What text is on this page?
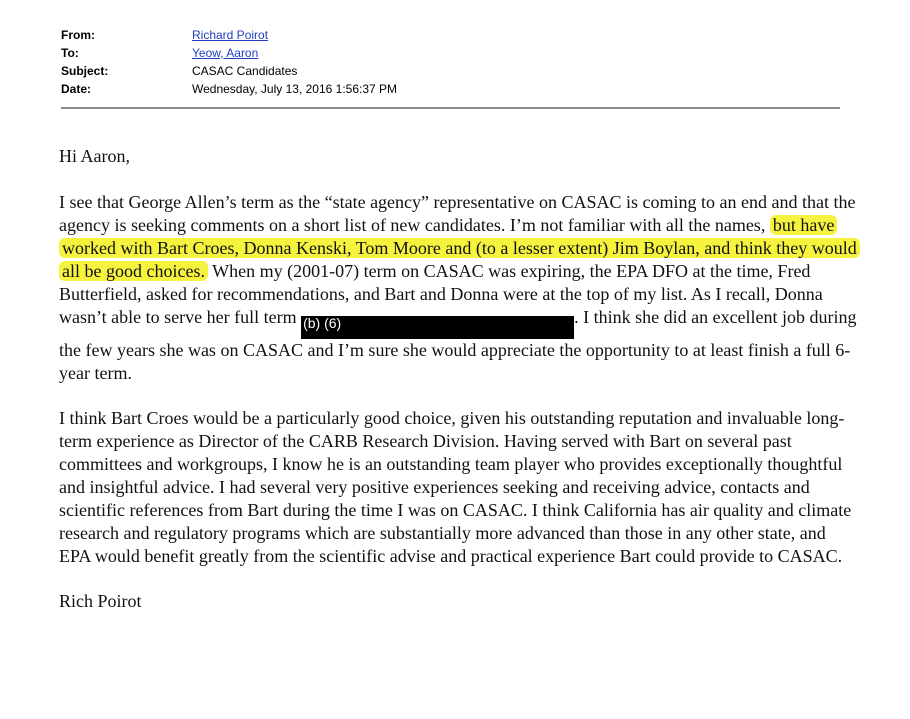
From:	Richard Poirot
To:	Yeow, Aaron
Subject:	CASAC Candidates
Date:	Wednesday, July 13, 2016 1:56:37 PM

Hi Aaron,

I see that George Allen’s term as the “state agency” representative on CASAC is coming to an end and that the agency is seeking comments on a short list of new candidates. I’m not familiar with all the names, but have worked with Bart Croes, Donna Kenski, Tom Moore and (to a lesser extent) Jim Boylan, and think they would all be good choices. When my (2001-07) term on CASAC was expiring, the EPA DFO at the time, Fred Butterfield, asked for recommendations, and Bart and Donna were at the top of my list. As I recall, Donna wasn’t able to serve her full term (b) (6)	. I think she did an excellent job during the few years she was on CASAC and I’m sure she would appreciate the opportunity to at least finish a full 6-year term.

I think Bart Croes would be a particularly good choice, given his outstanding reputation and invaluable long-term experience as Director of the CARB Research Division. Having served with Bart on several past committees and workgroups, I know he is an outstanding team player who provides exceptionally thoughtful and insightful advice. I had several very positive experiences seeking and receiving advice, contacts and scientific references from Bart during the time I was on CASAC. I think California has air quality and climate research and regulatory programs which are substantially more advanced than those in any other state, and EPA would benefit greatly from the scientific advise and practical experience Bart could provide to CASAC.

Rich Poirot
